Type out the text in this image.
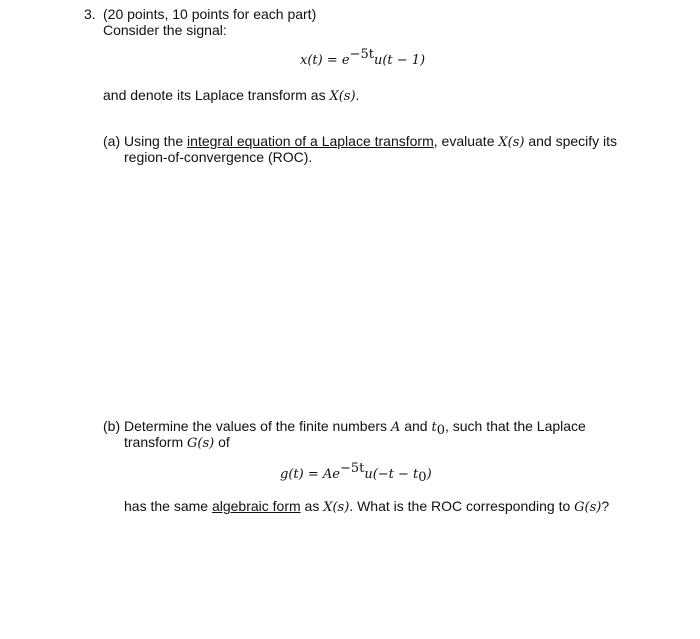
3. (20 points, 10 points for each part)
Consider the signal:
$x(t) = e^{-5t}u(t - 1)$
and denote its Laplace transform as X(s).
(a) Using the integral equation of a Laplace transform, evaluate X(s) and specify its
region-of-convergence (ROC).
(b) Determine the values of the finite numbers A and $t_0$, such that the Laplace
transform G(s) of
$g(t) = Ae^{-5t}u(-t - t_0)$
has the same algebraic form as X(s). What is the ROC corresponding to G(s)?
